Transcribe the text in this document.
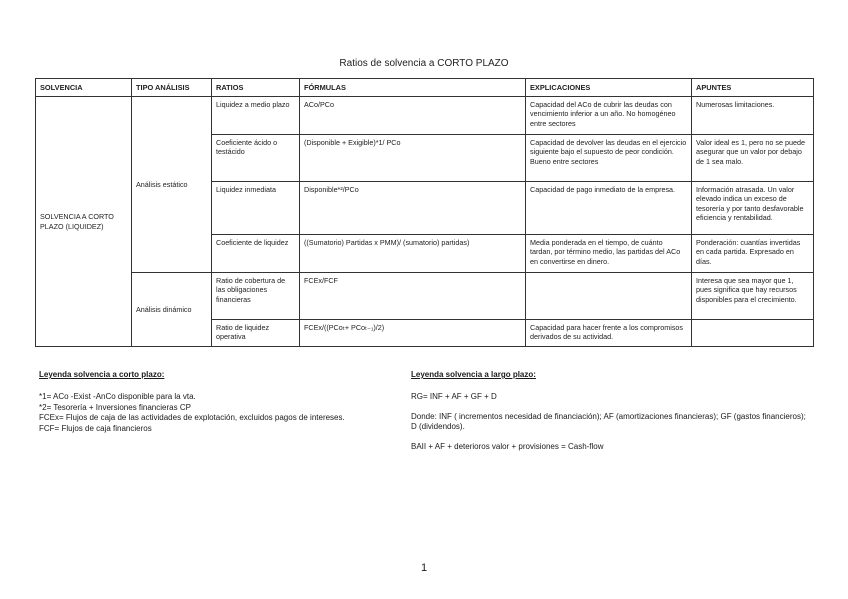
Ratios de solvencia a CORTO PLAZO
SOLVENCIA	TIPO ANÁLISIS	RATIOS	FÓRMULAS	EXPLICACIONES	APUNTES
SOLVENCIA A CORTO PLAZO (LIQUIDEZ)	Análisis estático	Liquidez a medio plazo	ACo/PCo	Capacidad del ACo de cubrir las deudas con vencimiento inferior a un año. No homogéneo entre sectores	Numerosas limitaciones.
		Coeficiente ácido o testácido	(Disponible + Exigible)*1/ PCo	Capacidad de devolver las deudas en el ejercicio siguiente bajo el supuesto de peor condición. Bueno entre sectores	Valor ideal es 1, pero no se puede asegurar que un valor por debajo de 1 sea malo.
		Liquidez inmediata	Disponible*²/PCo	Capacidad de pago inmediato de la empresa.	Información atrasada. Un valor elevado indica un exceso de tesorería y por tanto desfavorable eficiencia y rentabilidad.
		Coeficiente de liquidez	((Sumatorio) Partidas x PMM)/ (sumatorio) partidas)	Media ponderada en el tiempo, de cuánto tardan, por término medio, las partidas del ACo en convertirse en dinero.	Ponderación: cuantías invertidas en cada partida. Expresado en días.
	Análisis dinámico	Ratio de cobertura de las obligaciones financieras	FCEx/FCF		Interesa que sea mayor que 1, pues significa que hay recursos disponibles para el crecimiento.
		Ratio de liquidez operativa	FCEx/((PCoₜ+ PCoₜ₋₁)/2)	Capacidad para hacer frente a los compromisos derivados de su actividad.	
Leyenda solvencia a corto plazo:

*1= ACo -Exist -AnCo disponible para la vta.

*2= Tesorería + Inversiones financieras CP

FCEx= Flujos de caja de las actividades de explotación, excluidos pagos de intereses.

FCF= Flujos de caja financieros

Leyenda solvencia a largo plazo:

RG= INF + AF + GF + D

Donde: INF ( incrementos necesidad de financiación); AF (amortizaciones financieras); GF (gastos financieros); D (dividendos).

BAII + AF + deterioros valor + provisiones = Cash-flow

1
